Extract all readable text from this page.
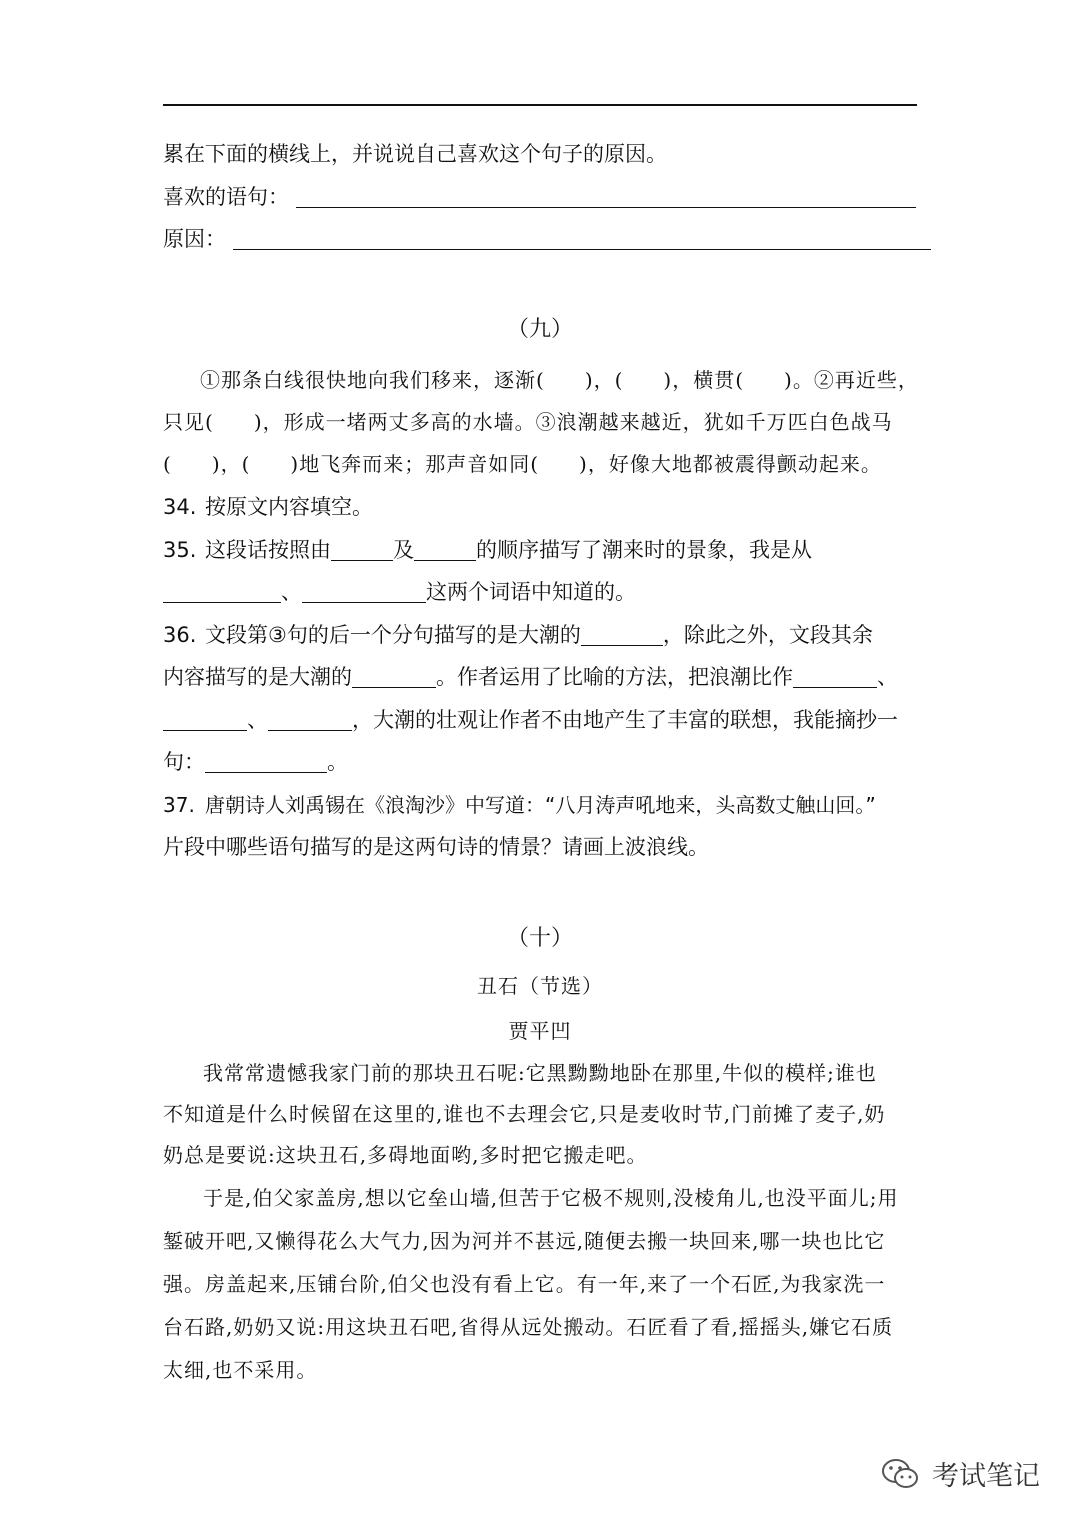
累在下面的横线上，并说说自己喜欢这个句子的原因。
喜欢的语句：
原因：
（九）
①那条白线很快地向我们移来，逐渐( )，( )，横贯( )。②再近些，
只见( )，形成一堵两丈多高的水墙。③浪潮越来越近，犹如千万匹白色战马
( )，( )地飞奔而来；那声音如同( )，好像大地都被震得颤动起来。
34. 按原文内容填空。
35. 这段话按照由	及	的顺序描写了潮来时的景象，我是从
、	这两个词语中知道的。
36. 文段第③句的后一个分句描写的是大潮的	，除此之外，文段其余
内容描写的是大潮的	。作者运用了比喻的方法，把浪潮比作	、
、	，大潮的壮观让作者不由地产生了丰富的联想，我能摘抄一
句：	。
37. 唐朝诗人刘禹锡在《浪淘沙》中写道：“八月涛声吼地来，头高数丈触山回。”
片段中哪些语句描写的是这两句诗的情景？请画上波浪线。
（十）
丑石（节选）
贾平凹
我常常遗憾我家门前的那块丑石呢:它黑黝黝地卧在那里,牛似的模样;谁也
不知道是什么时候留在这里的,谁也不去理会它,只是麦收时节,门前摊了麦子,奶
奶总是要说:这块丑石,多碍地面哟,多时把它搬走吧。
于是,伯父家盖房,想以它垒山墙,但苦于它极不规则,没棱角儿,也没平面儿;用
錾破开吧,又懒得花么大气力,因为河并不甚远,随便去搬一块回来,哪一块也比它
强。房盖起来,压铺台阶,伯父也没有看上它。有一年,来了一个石匠,为我家洗一
台石路,奶奶又说:用这块丑石吧,省得从远处搬动。石匠看了看,摇摇头,嫌它石质
太细,也不采用。
考试笔记
